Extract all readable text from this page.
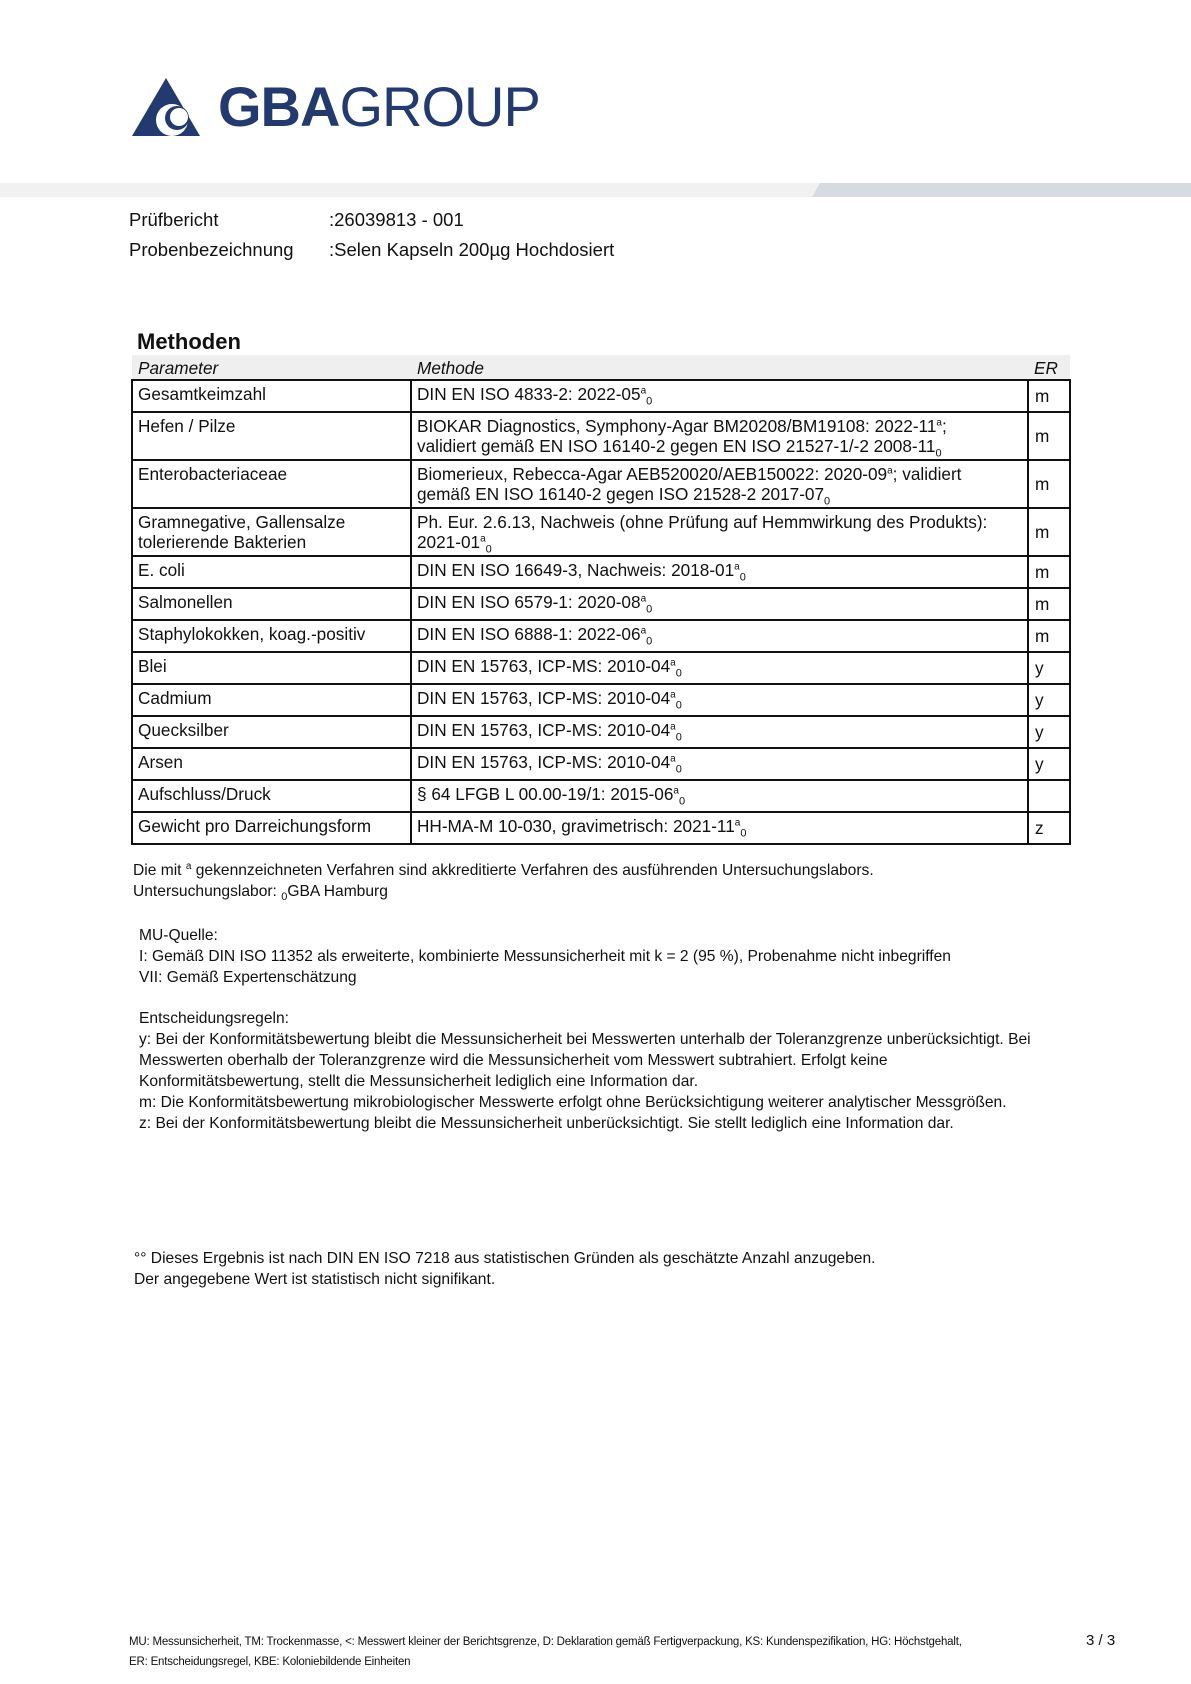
GBAGROUP
Prüfbericht	:26039813 - 001
Probenbezeichnung :Selen Kapseln 200µg Hochdosiert
Methoden
Parameter	Methode	ER
Gesamtkeimzahl	DIN EN ISO 4833-2: $2022-05^a_0$	m
Hefen / Pilze	BIOKAR Diagnostics, Symphony-Agar BM20208/BM19108: 2022-11$^a$;
validiert gemäß EN ISO 16140-2 gegen EN ISO 21527-1/-2 $2008-11_0$	m
Enterobacteriaceae	Biomerieux, Rebecca-Agar AEB520020/AEB150022: 2020-09$^a$; validiert
gemäß EN ISO 16140-2 gegen ISO 21528-2 $2017-07_0$	m
Gramnegative, Gallensalze
tolerierende Bakterien	Ph. Eur. 2.6.13, Nachweis (ohne Prüfung auf Hemmwirkung des Produkts):
$2021-01^a_0$	m
E. coli	DIN EN ISO 16649-3, Nachweis: $2018-01^a_0$	m
Salmonellen	DIN EN ISO 6579-1: $2020-08^a_0$	m
Staphylokokken, koag.-positiv	DIN EN ISO 6888-1: $2022-06^a_0$	m
Blei	DIN EN 15763, ICP-MS: $2010-04^a_0$	y
Cadmium	DIN EN 15763, ICP-MS: $2010-04^a_0$	y
Quecksilber	DIN EN 15763, ICP-MS: $2010-04^a_0$	y
Arsen	DIN EN 15763, ICP-MS: $2010-04^a_0$	y
Aufschluss/Druck	§ 64 LFGB L 00.00-19/1: $2015-06^a_0$	
Gewicht pro Darreichungsform	HH-MA-M 10-030, gravimetrisch: $2021-11^a_0$	z
Die mit $^a$ gekennzeichneten Verfahren sind akkreditierte Verfahren des ausführenden Untersuchungslabors.
Untersuchungslabor: $_0$GBA Hamburg
MU-Quelle:
I: Gemäß DIN ISO 11352 als erweiterte, kombinierte Messunsicherheit mit k = 2 (95 %), Probenahme nicht inbegriffen
VII: Gemäß Expertenschätzung
Entscheidungsregeln:
y: Bei der Konformitätsbewertung bleibt die Messunsicherheit bei Messwerten unterhalb der Toleranzgrenze unberücksichtigt. Bei
Messwerten oberhalb der Toleranzgrenze wird die Messunsicherheit vom Messwert subtrahiert. Erfolgt keine
Konformitätsbewertung, stellt die Messunsicherheit lediglich eine Information dar.
m: Die Konformitätsbewertung mikrobiologischer Messwerte erfolgt ohne Berücksichtigung weiterer analytischer Messgrößen.
z: Bei der Konformitätsbewertung bleibt die Messunsicherheit unberücksichtigt. Sie stellt lediglich eine Information dar.
°° Dieses Ergebnis ist nach DIN EN ISO 7218 aus statistischen Gründen als geschätzte Anzahl anzugeben.
Der angegebene Wert ist statistisch nicht signifikant.
MU: Messunsicherheit, TM: Trockenmasse, <: Messwert kleiner der Berichtsgrenze, D: Deklaration gemäß Fertigverpackung, KS: Kundenspezifikation, HG: Höchstgehalt,
ER: Entscheidungsregel, KBE: Koloniebildende Einheiten
3 / 3
